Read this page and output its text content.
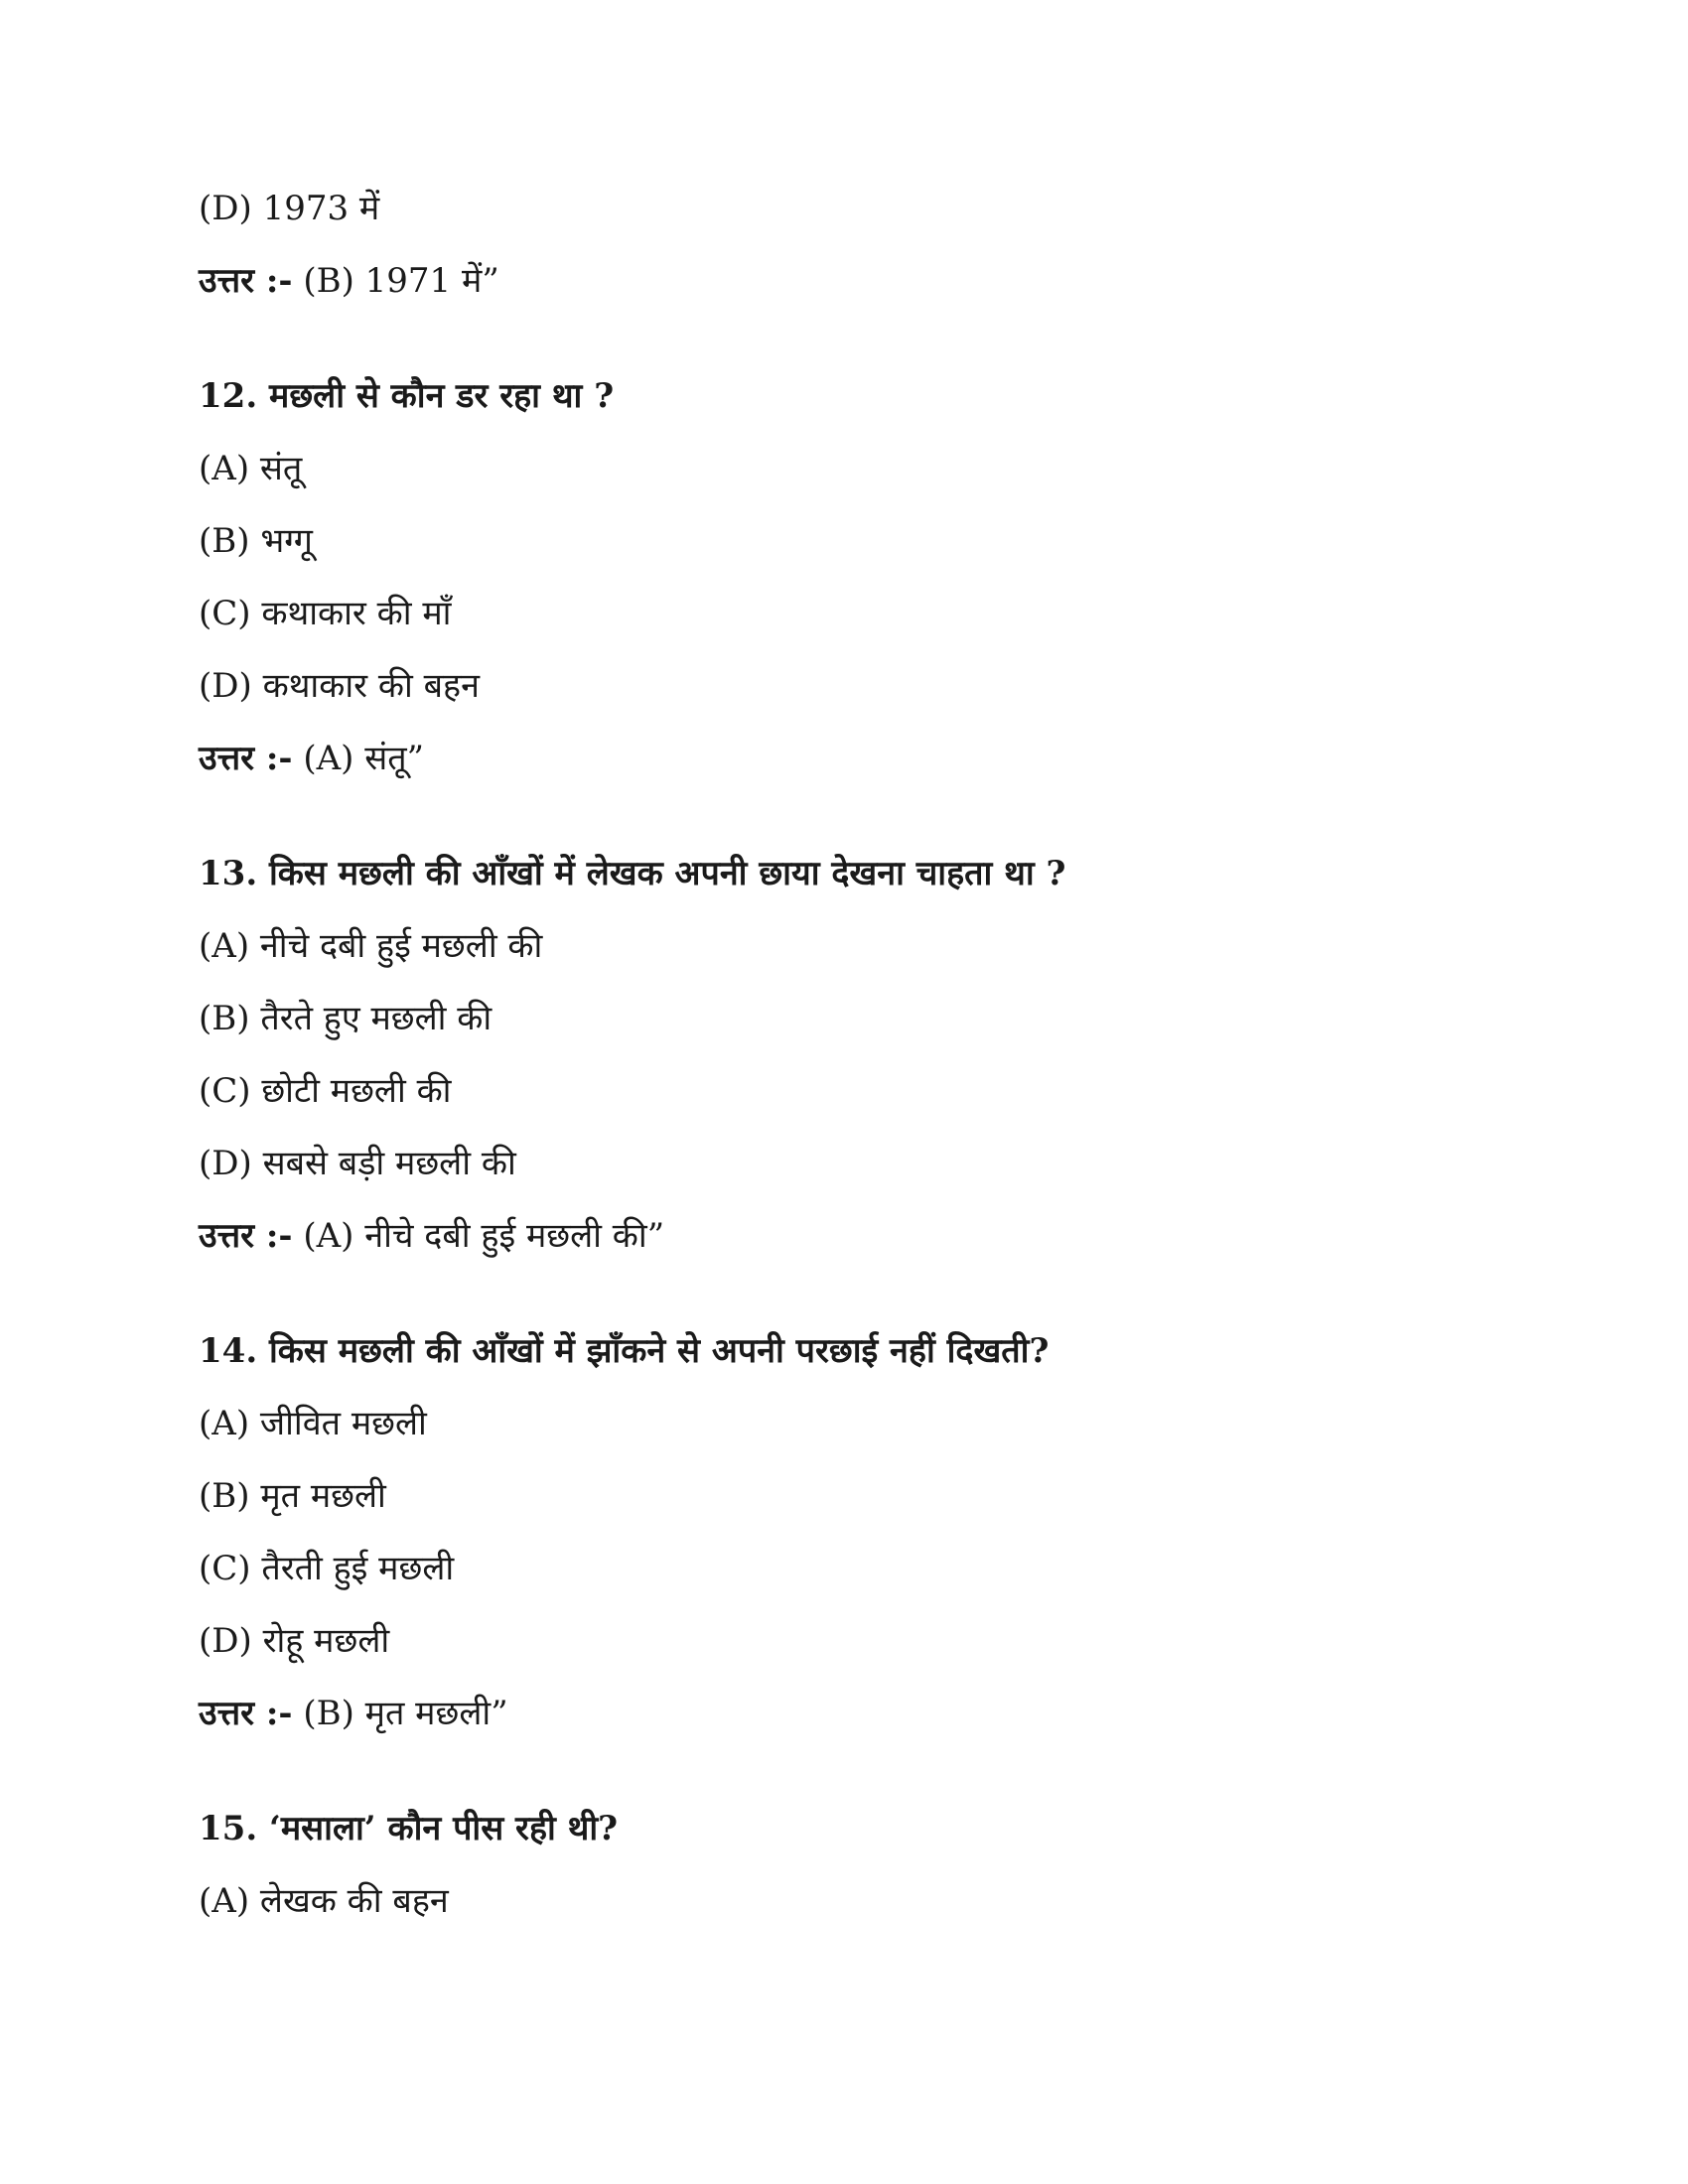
(D) 1973 में
उत्तर :- (B) 1971 में”
12. मछली से कौन डर रहा था ?
(A) संतू
(B) भग्गू
(C) कथाकार की माँ
(D) कथाकार की बहन
उत्तर :- (A) संतू”
13. किस मछली की आँखों में लेखक अपनी छाया देखना चाहता था ?
(A) नीचे दबी हुई मछली की
(B) तैरते हुए मछली की
(C) छोटी मछली की
(D) सबसे बड़ी मछली की
उत्तर :- (A) नीचे दबी हुई मछली की”
14. किस मछली की आँखों में झाँकने से अपनी परछाई नहीं दिखती?
(A) जीवित मछली
(B) मृत मछली
(C) तैरती हुई मछली
(D) रोहू मछली
उत्तर :- (B) मृत मछली”
15. ‘मसाला’ कौन पीस रही थी?
(A) लेखक की बहन
